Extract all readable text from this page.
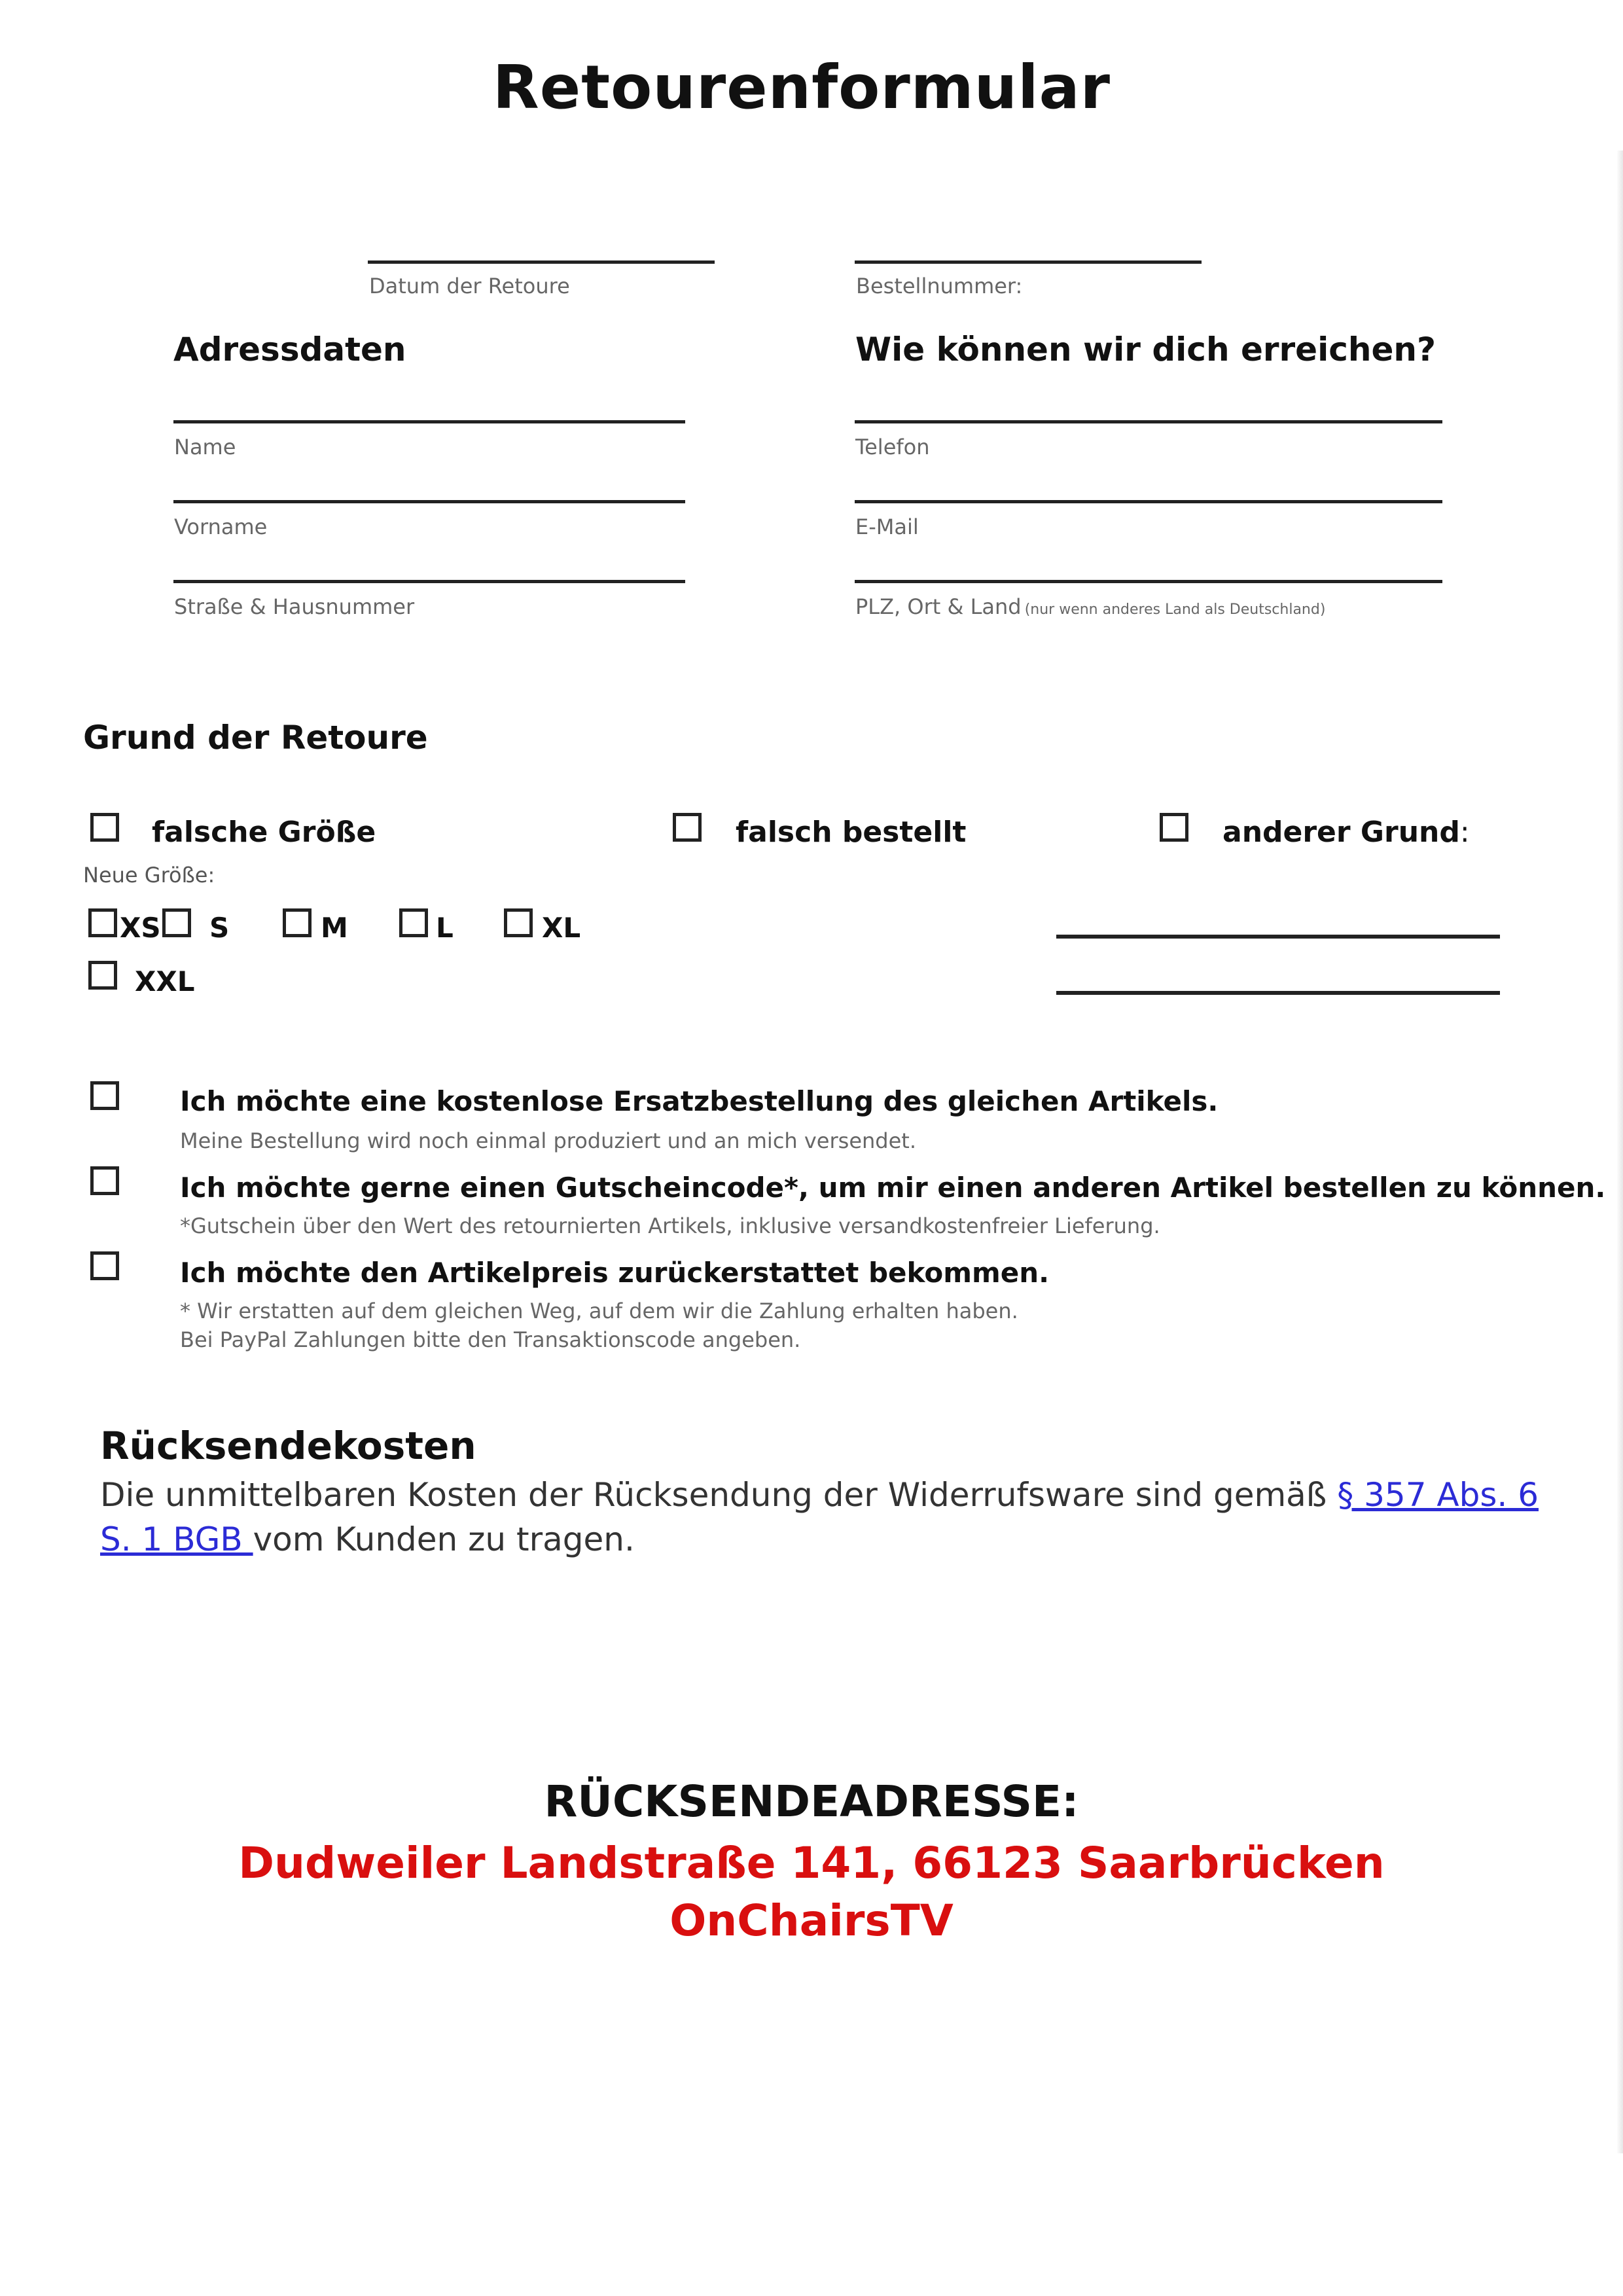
Retourenformular
Datum der Retoure	Bestellnummer:
Adressdaten
Name
Vorname
Straße & Hausnummer
Wie können wir dich erreichen?
Telefon
E-Mail
PLZ, Ort & Land (nur wenn anderes Land als Deutschland)
Grund der Retoure
falsche Größe	falsch bestellt	anderer Grund:
Neue Größe:
XS S	M	L	XL
XXL
Ich möchte eine kostenlose Ersatzbestellung des gleichen Artikels.
Meine Bestellung wird noch einmal produziert und an mich versendet.
Ich möchte gerne einen Gutscheincode*, um mir einen anderen Artikel bestellen zu können.
*Gutschein über den Wert des retournierten Artikels, inklusive versandkostenfreier Lieferung.
Ich möchte den Artikelpreis zurückerstattet bekommen.
* Wir erstatten auf dem gleichen Weg, auf dem wir die Zahlung erhalten haben.
Bei PayPal Zahlungen bitte den Transaktionscode angeben.
Rücksendekosten
Die unmittelbaren Kosten der Rücksendung der Widerrufsware sind gemäß § 357 Abs. 6 S. 1 BGB vom Kunden zu tragen.
RÜCKSENDEADRESSE:
Dudweiler Landstraße 141, 66123 Saarbrücken
OnChairsTV
